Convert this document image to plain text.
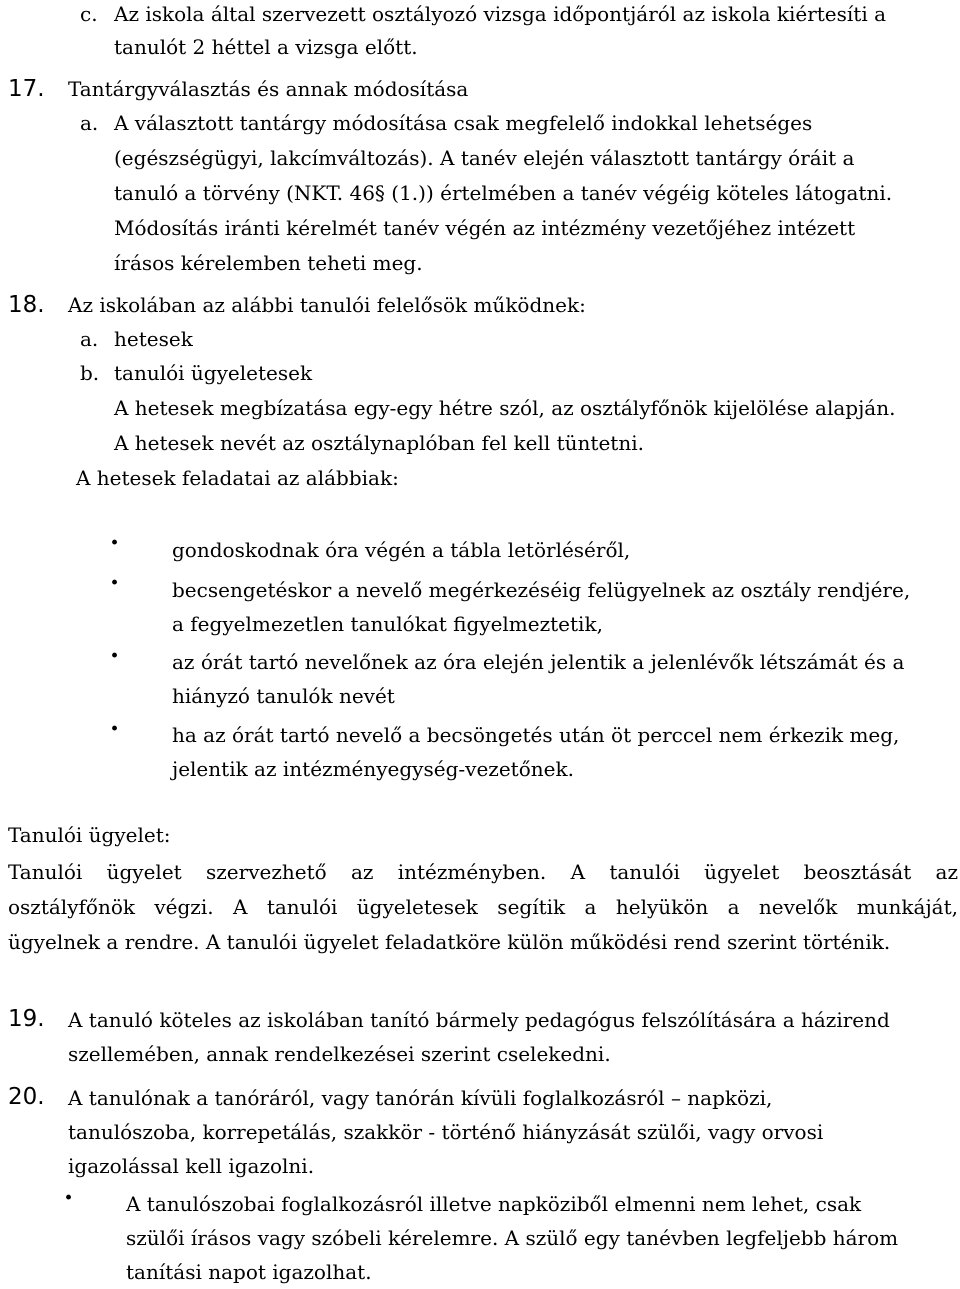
c. Az iskola által szervezett osztályozó vizsga időpontjáról az iskola kiértesíti a
tanulót 2 héttel a vizsga előtt.
17. Tantárgyválasztás és annak módosítása
a. A választott tantárgy módosítása csak megfelelő indokkal lehetséges
(egészségügyi, lakcímváltozás). A tanév elején választott tantárgy óráit a
tanuló a törvény (NKT. 46§ (1.)) értelmében a tanév végéig köteles látogatni.
Módosítás iránti kérelmét tanév végén az intézmény vezetőjéhez intézett
írásos kérelemben teheti meg.
18. Az iskolában az alábbi tanulói felelősök működnek:
a. hetesek
b. tanulói ügyeletesek
A hetesek megbízatása egy-egy hétre szól, az osztályfőnök kijelölése alapján.
A hetesek nevét az osztálynaplóban fel kell tüntetni.
A hetesek feladatai az alábbiak:
·	gondoskodnak óra végén a tábla letörléséről,
·	becsengetéskor a nevelő megérkezéséig felügyelnek az osztály rendjére,
a fegyelmezetlen tanulókat figyelmeztetik,
·	az órát tartó nevelőnek az óra elején jelentik a jelenlévők létszámát és a
hiányzó tanulók nevét
·	ha az órát tartó nevelő a becsöngetés után öt perccel nem érkezik meg,
jelentik az intézményegység-vezetőnek.
Tanulói ügyelet:
Tanulói ügyelet szervezhető az intézményben. A tanulói ügyelet beosztását az
osztályfőnök végzi. A tanulói ügyeletesek segítik a helyükön a nevelők munkáját,
ügyelnek a rendre. A tanulói ügyelet feladatköre külön működési rend szerint történik.
19. A tanuló köteles az iskolában tanító bármely pedagógus felszólítására a házirend
szellemében, annak rendelkezései szerint cselekedni.
20. A tanulónak a tanóráról, vagy tanórán kívüli foglalkozásról – napközi,
tanulószoba, korrepetálás, szakkör - történő hiányzását szülői, vagy orvosi
igazolással kell igazolni.
·	A tanulószobai foglalkozásról illetve napköziből elmenni nem lehet, csak
szülői írásos vagy szóbeli kérelemre. A szülő egy tanévben legfeljebb három
tanítási napot igazolhat.
